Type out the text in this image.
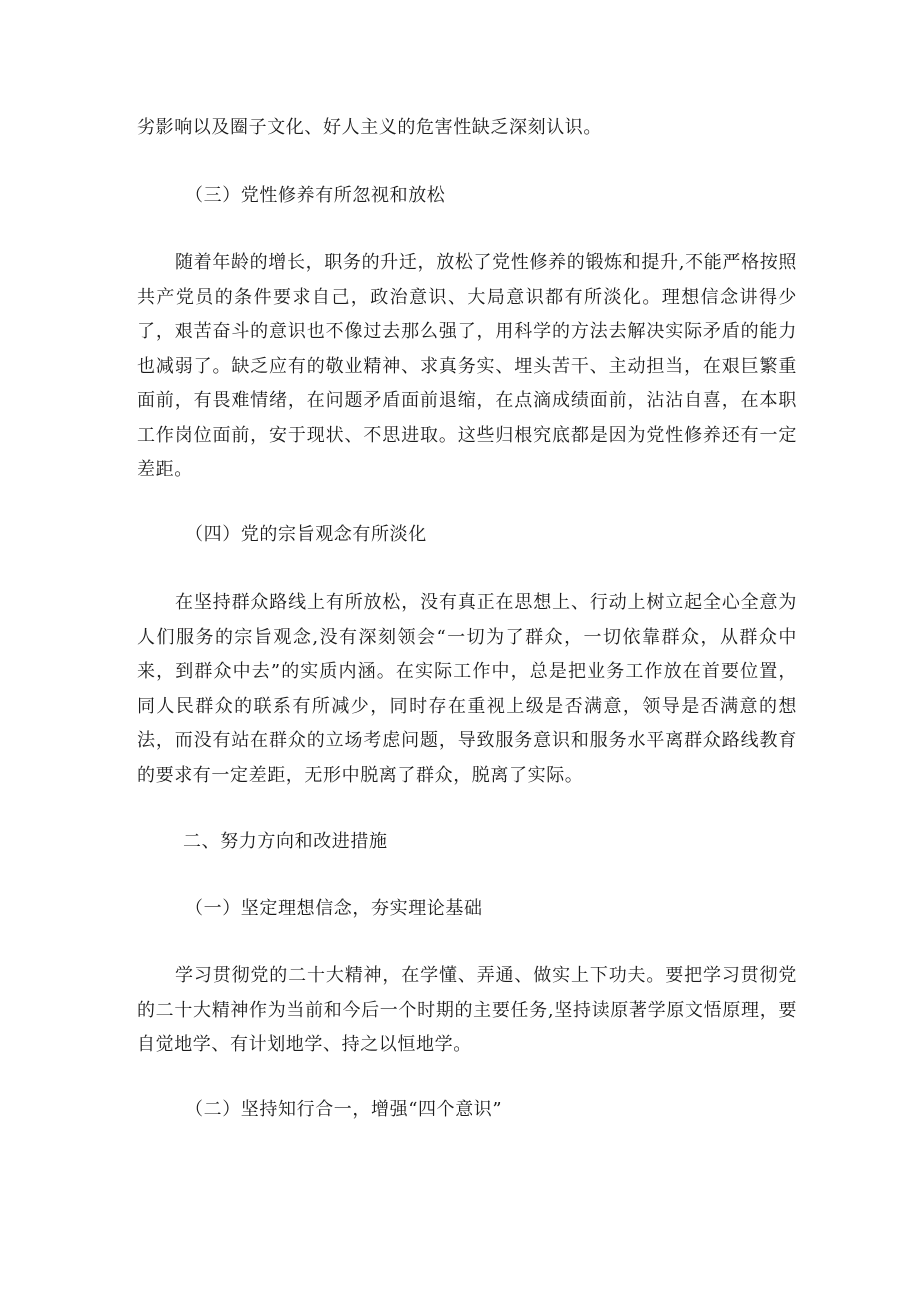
劣影响以及圈子文化、好人主义的危害性缺乏深刻认识。
（三）党性修养有所忽视和放松
随着年龄的增长，职务的升迁，放松了党性修养的锻炼和提升,不能严格按照共产党员的条件要求自己，政治意识、大局意识都有所淡化。理想信念讲得少了，艰苦奋斗的意识也不像过去那么强了，用科学的方法去解决实际矛盾的能力也减弱了。缺乏应有的敬业精神、求真务实、埋头苦干、主动担当，在艰巨繁重面前，有畏难情绪，在问题矛盾面前退缩，在点滴成绩面前，沾沾自喜，在本职工作岗位面前，安于现状、不思进取。这些归根究底都是因为党性修养还有一定差距。
（四）党的宗旨观念有所淡化
在坚持群众路线上有所放松，没有真正在思想上、行动上树立起全心全意为人们服务的宗旨观念,没有深刻领会“一切为了群众，一切依靠群众，从群众中来，到群众中去”的实质内涵。在实际工作中，总是把业务工作放在首要位置，同人民群众的联系有所减少，同时存在重视上级是否满意，领导是否满意的想法，而没有站在群众的立场考虑问题，导致服务意识和服务水平离群众路线教育的要求有一定差距，无形中脱离了群众，脱离了实际。
二、努力方向和改进措施
（一）坚定理想信念，夯实理论基础
学习贯彻党的二十大精神，在学懂、弄通、做实上下功夫。要把学习贯彻党的二十大精神作为当前和今后一个时期的主要任务,坚持读原著学原文悟原理，要自觉地学、有计划地学、持之以恒地学。
（二）坚持知行合一，增强“四个意识”
